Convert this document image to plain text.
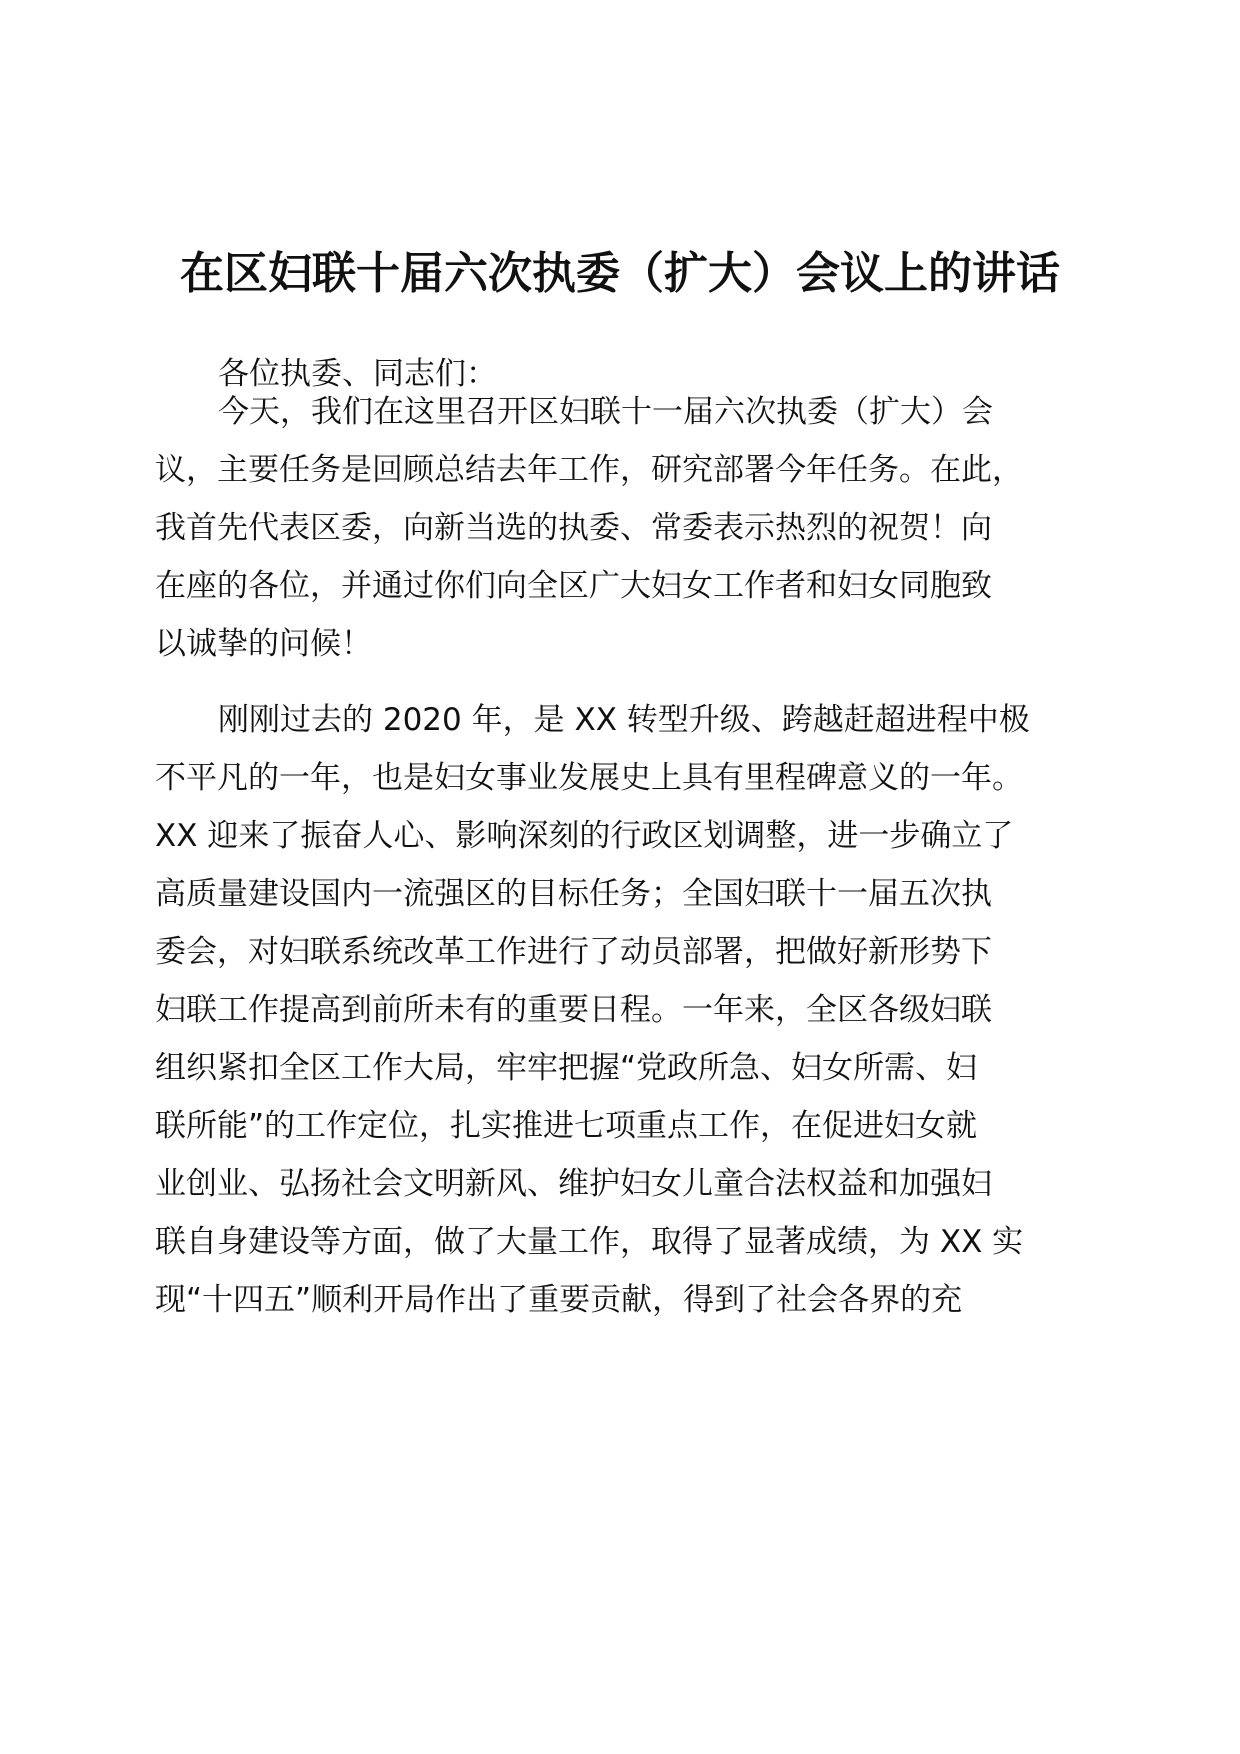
在区妇联十届六次执委（扩大）会议上的讲话

各位执委、同志们：

今天，我们在这里召开区妇联十一届六次执委（扩大）会

议，主要任务是回顾总结去年工作，研究部署今年任务。在此，

我首先代表区委，向新当选的执委、常委表示热烈的祝贺！向

在座的各位，并通过你们向全区广大妇女工作者和妇女同胞致

以诚挚的问候！

刚刚过去的 2020 年，是 XX 转型升级、跨越赶超进程中极

不平凡的一年，也是妇女事业发展史上具有里程碑意义的一年。

XX 迎来了振奋人心、影响深刻的行政区划调整，进一步确立了

高质量建设国内一流强区的目标任务；全国妇联十一届五次执

委会，对妇联系统改革工作进行了动员部署，把做好新形势下

妇联工作提高到前所未有的重要日程。一年来，全区各级妇联

组织紧扣全区工作大局，牢牢把握“党政所急、妇女所需、妇

联所能”的工作定位，扎实推进七项重点工作，在促进妇女就

业创业、弘扬社会文明新风、维护妇女儿童合法权益和加强妇

联自身建设等方面，做了大量工作，取得了显著成绩，为 XX 实

现“十四五”顺利开局作出了重要贡献，得到了社会各界的充
